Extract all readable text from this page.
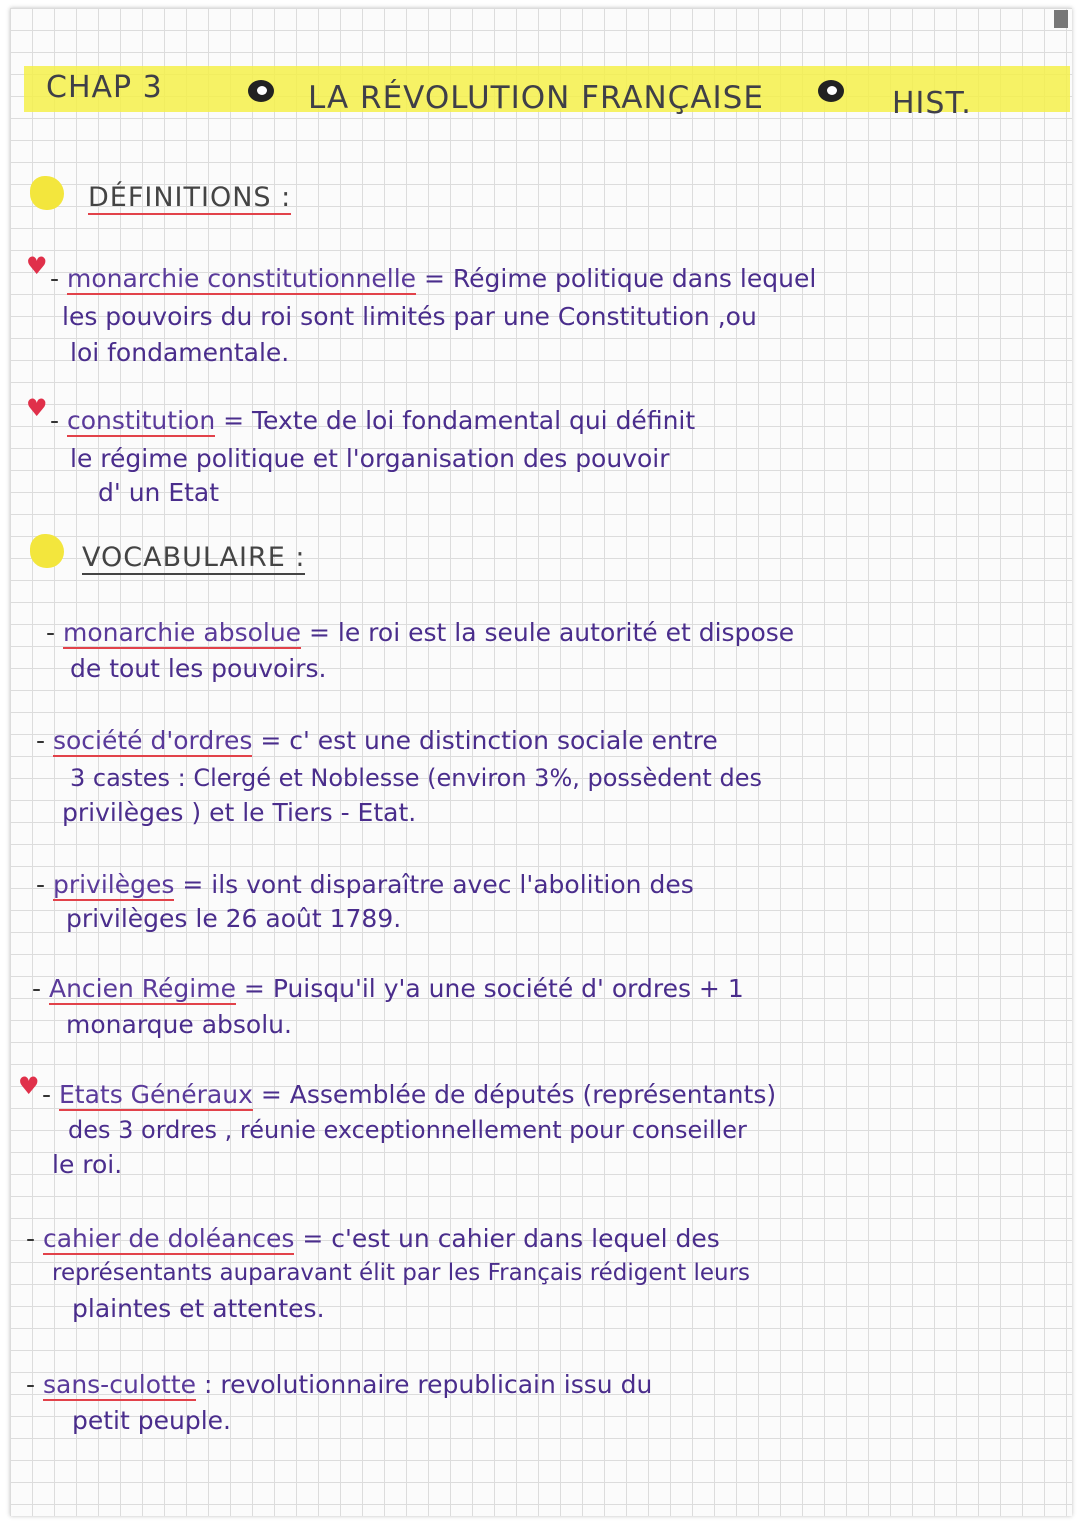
CHAP 3	LA RÉVOLUTION FRANÇAISE	HIST.
DÉFINITIONS :
♥ - monarchie constitutionnelle = Régime politique dans lequel
les pouvoirs du roi sont limités par une Constitution ,ou
loi fondamentale.
♥ - constitution = Texte de loi fondamental qui définit
le régime politique et l'organisation des pouvoir
d' un Etat
VOCABULAIRE :
- monarchie absolue = le roi est la seule autorité et dispose
de tout les pouvoirs.
- société d'ordres = c' est une distinction sociale entre
3 castes : Clergé et Noblesse (environ 3%, possèdent des
privilèges ) et le Tiers - Etat.
- privilèges = ils vont disparaître avec l'abolition des
privilèges le 26 août 1789.
- Ancien Régime = Puisqu'il y'a une société d' ordres + 1
monarque absolu.
♥ - Etats Généraux = Assemblée de députés (représentants)
des 3 ordres , réunie exceptionnellement pour conseiller
le roi.
- cahier de doléances = c'est un cahier dans lequel des
représentants auparavant élit par les Français rédigent leurs
plaintes et attentes.
- sans-culotte : revolutionnaire republicain issu du
petit peuple.
